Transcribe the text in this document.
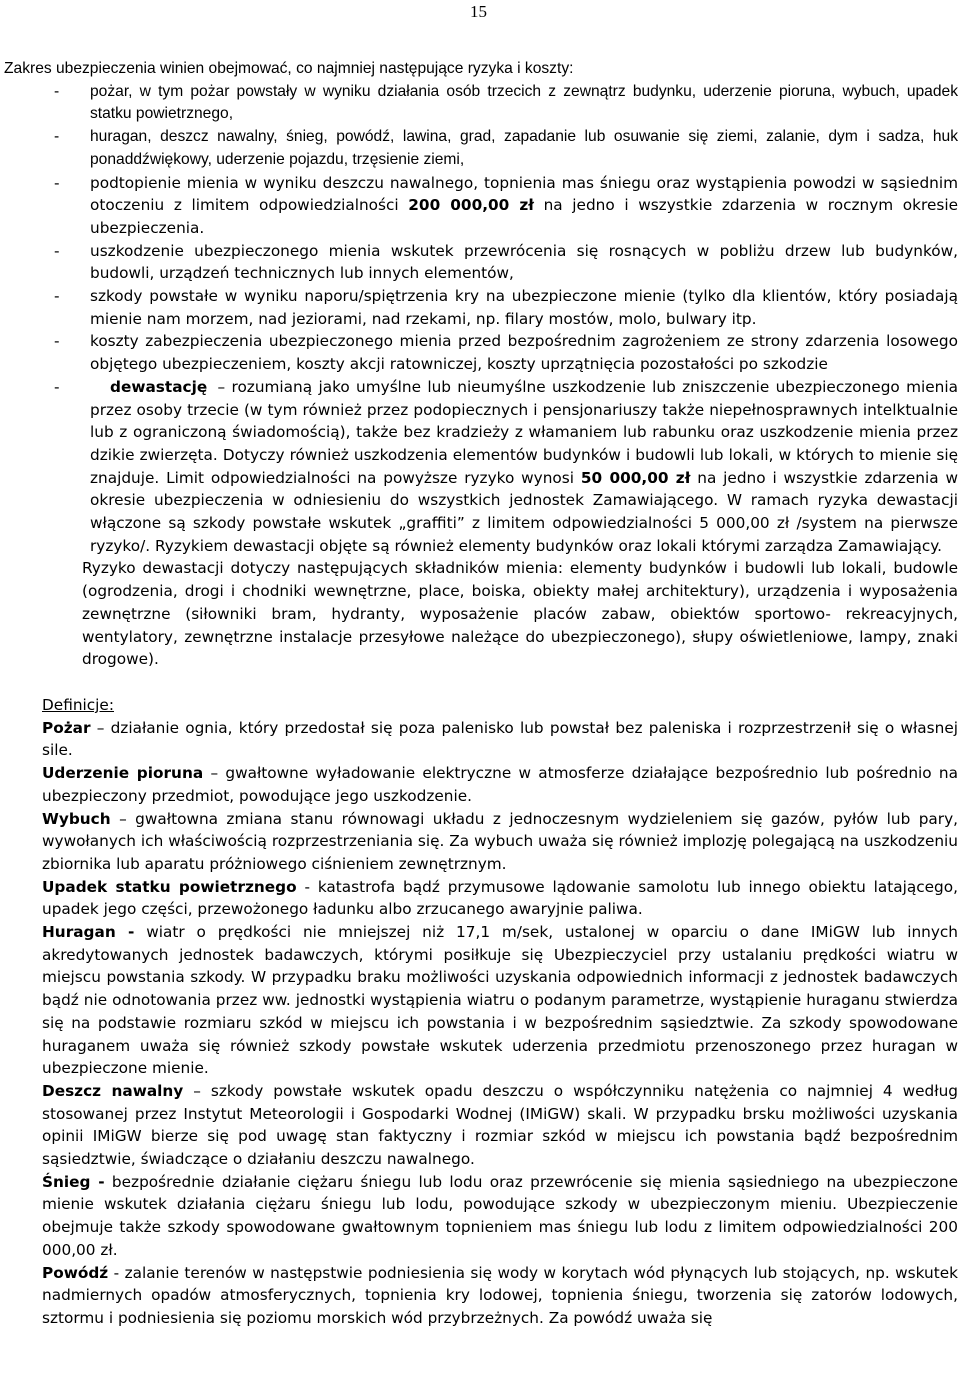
15

Zakres ubezpieczenia winien obejmować, co najmniej następujące ryzyka i koszty:

- pożar, w tym pożar powstały w wyniku działania osób trzecich z zewnątrz budynku, uderzenie pioruna, wybuch, upadek statku powietrznego,
- huragan, deszcz nawalny, śnieg, powódź, lawina, grad, zapadanie lub osuwanie się ziemi, zalanie, dym i sadza, huk ponaddźwiękowy, uderzenie pojazdu, trzęsienie ziemi,
- podtopienie mienia w wyniku deszczu nawalnego, topnienia mas śniegu oraz wystąpienia powodzi w sąsiednim otoczeniu z limitem odpowiedzialności 200 000,00 zł na jedno i wszystkie zdarzenia w rocznym okresie ubezpieczenia.
- uszkodzenie ubezpieczonego mienia wskutek przewrócenia się rosnących w pobliżu drzew lub budynków, budowli, urządzeń technicznych lub innych elementów,
- szkody powstałe w wyniku naporu/spiętrzenia kry na ubezpieczone mienie (tylko dla klientów, który posiadają mienie nam morzem, nad jeziorami, nad rzekami, np. filary mostów, molo, bulwary itp.
- koszty zabezpieczenia ubezpieczonego mienia przed bezpośrednim zagrożeniem ze strony zdarzenia losowego objętego ubezpieczeniem, koszty akcji ratowniczej, koszty uprzątnięcia pozostałości po szkodzie
-	dewastację – rozumianą jako umyślne lub nieumyślne uszkodzenie lub zniszczenie ubezpieczonego mienia przez osoby trzecie (w tym również przez podopiecznych i pensjonariuszy także niepełnosprawnych intelktualnie lub z ograniczoną świadomością), także bez kradzieży z włamaniem lub rabunku oraz uszkodzenie mienia przez dzikie zwierzęta. Dotyczy również uszkodzenia elementów budynków i budowli lub lokali, w których to mienie się znajduje. Limit odpowiedzialności na powyższe ryzyko wynosi 50 000,00 zł na jedno i wszystkie zdarzenia w okresie ubezpieczenia w odniesieniu do wszystkich jednostek Zamawiającego. W ramach ryzyka dewastacji włączone są szkody powstałe wskutek „graffiti” z limitem odpowiedzialności 5 000,00 zł /system na pierwsze ryzyko/. Ryzykiem dewastacji objęte są również elementy budynków oraz lokali którymi zarządza Zamawiający.

Ryzyko dewastacji dotyczy następujących składników mienia: elementy budynków i budowli lub lokali, budowle (ogrodzenia, drogi i chodniki wewnętrzne, place, boiska, obiekty małej architektury), urządzenia i wyposażenia zewnętrzne (siłowniki bram, hydranty, wyposażenie placów zabaw, obiektów sportowo- rekreacyjnych, wentylatory, zewnętrzne instalacje przesyłowe należące do ubezpieczonego), słupy oświetleniowe, lampy, znaki drogowe).

Definicje:

Pożar – działanie ognia, który przedostał się poza palenisko lub powstał bez paleniska i rozprzestrzenił się o własnej sile.

Uderzenie pioruna – gwałtowne wyładowanie elektryczne w atmosferze działające bezpośrednio lub pośrednio na ubezpieczony przedmiot, powodujące jego uszkodzenie.

Wybuch – gwałtowna zmiana stanu równowagi układu z jednoczesnym wydzieleniem się gazów, pyłów lub pary, wywołanych ich właściwością rozprzestrzeniania się. Za wybuch uważa się również implozję polegającą na uszkodzeniu zbiornika lub aparatu próżniowego ciśnieniem zewnętrznym.

Upadek statku powietrznego - katastrofa bądź przymusowe lądowanie samolotu lub innego obiektu latającego, upadek jego części, przewożonego ładunku albo zrzucanego awaryjnie paliwa.

Huragan - wiatr o prędkości nie mniejszej niż 17,1 m/sek, ustalonej w oparciu o dane IMiGW lub innych akredytowanych jednostek badawczych, którymi posiłkuje się Ubezpieczyciel przy ustalaniu prędkości wiatru w miejscu powstania szkody. W przypadku braku możliwości uzyskania odpowiednich informacji z jednostek badawczych bądź nie odnotowania przez ww. jednostki wystąpienia wiatru o podanym parametrze, wystąpienie huraganu stwierdza się na podstawie rozmiaru szkód w miejscu ich powstania i w bezpośrednim sąsiedztwie. Za szkody spowodowane huraganem uważa się również szkody powstałe wskutek uderzenia przedmiotu przenoszonego przez huragan w ubezpieczone mienie.

Deszcz nawalny – szkody powstałe wskutek opadu deszczu o współczynniku natężenia co najmniej 4 według stosowanej przez Instytut Meteorologii i Gospodarki Wodnej (IMiGW) skali. W przypadku brsku możliwości uzyskania opinii IMiGW bierze się pod uwagę stan faktyczny i rozmiar szkód w miejscu ich powstania bądź bezpośrednim sąsiedztwie, świadczące o działaniu deszczu nawalnego.

Śnieg - bezpośrednie działanie ciężaru śniegu lub lodu oraz przewrócenie się mienia sąsiedniego na ubezpieczone mienie wskutek działania ciężaru śniegu lub lodu, powodujące szkody w ubezpieczonym mieniu. Ubezpieczenie obejmuje także szkody spowodowane gwałtownym topnieniem mas śniegu lub lodu z limitem odpowiedzialności 200 000,00 zł.

Powódź - zalanie terenów w następstwie podniesienia się wody w korytach wód płynących lub stojących, np. wskutek nadmiernych opadów atmosferycznych, topnienia kry lodowej, topnienia śniegu, tworzenia się zatorów lodowych, sztormu i podniesienia się poziomu morskich wód przybrzeżnych. Za powódź uważa się
